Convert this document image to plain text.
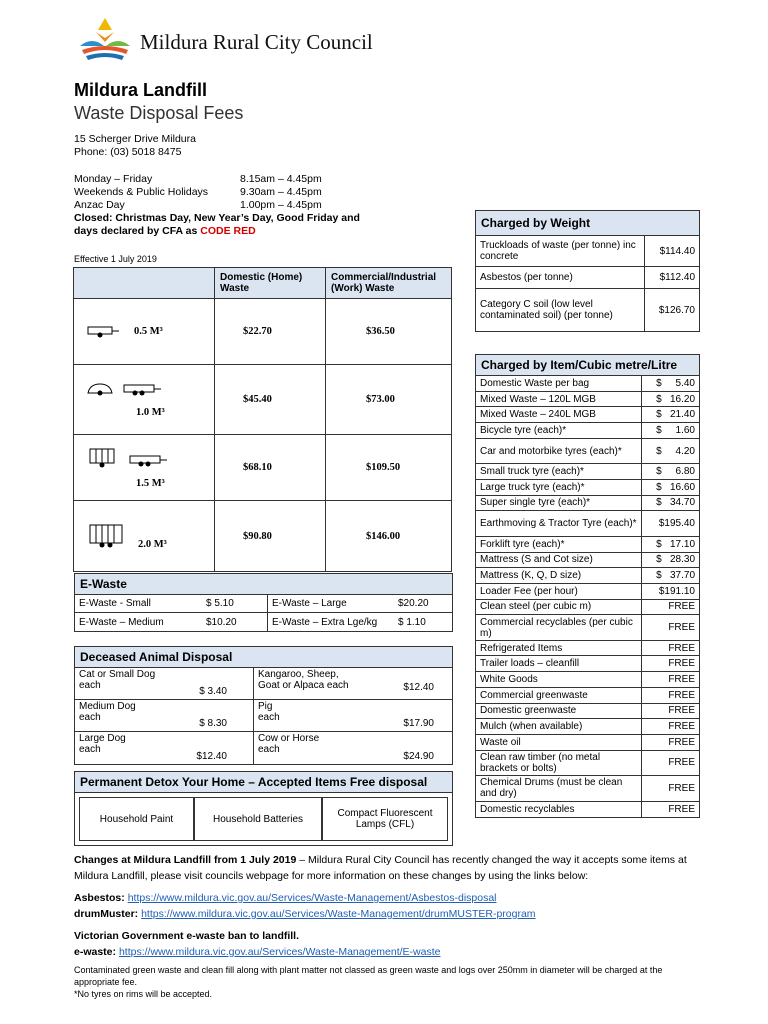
Mildura Rural City Council
Mildura Landfill
Waste Disposal Fees
15 Scherger Drive Mildura
Phone: (03) 5018 8475
Monday – Friday	8.15am – 4.45pm
Weekends & Public Holidays	9.30am – 4.45pm
Anzac Day	1.00pm – 4.45pm
Closed: Christmas Day, New Year’s Day, Good Friday and
days declared by CFA as CODE RED
Effective 1 July 2019
	Domestic (Home) Waste	Commercial/Industrial (Work) Waste

0.5 M³	$22.70	$36.50

1.0 M³	$45.40	$73.00

1.5 M³	$68.10	$109.50

2.0 M³	$90.80	$146.00
E-Waste
E-Waste - Small	$ 5.10	E-Waste – Large	$20.20
E-Waste – Medium	$10.20	E-Waste – Extra Lge/kg	$ 1.10
Deceased Animal Disposal
Cat or Small Dog
each
$ 3.40
Kangaroo, Sheep,
Goat or Alpaca each	$12.40
Medium Dog
each
$ 8.30
Pig
each
$17.90
Large Dog
each
$12.40
Cow or Horse
each
$24.90
Permanent Detox Your Home – Accepted Items Free disposal
Household Paint	Household Batteries	Compact Fluorescent Lamps (CFL)
Charged by Weight
Truckloads of waste (per tonne) inc concrete	$114.40
Asbestos (per tonne)	$112.40
Category C soil (low level contaminated soil) (per tonne)	$126.70
Charged by Item/Cubic metre/Litre
Domestic Waste per bag	$     5.40
Mixed Waste – 120L MGB	$   16.20
Mixed Waste – 240L MGB	$   21.40
Bicycle tyre (each)*	$     1.60
Car and motorbike tyres (each)*	$     4.20
Small truck tyre (each)*	$     6.80
Large truck tyre (each)*	$   16.60
Super single tyre (each)*	$   34.70
Earthmoving & Tractor Tyre (each)*	$195.40
Forklift tyre (each)*	$   17.10
Mattress (S and Cot size)	$   28.30
Mattress (K, Q, D size)	$   37.70
Loader Fee (per hour)	$191.10
Clean steel (per cubic m)	FREE
Commercial recyclables (per cubic m)	FREE
Refrigerated Items	FREE
Trailer loads – cleanfill	FREE
White Goods	FREE
Commercial greenwaste	FREE
Domestic greenwaste	FREE
Mulch (when available)	FREE
Waste oil	FREE
Clean raw timber (no metal brackets or bolts)	FREE
Chemical Drums (must be clean and dry)	FREE
Domestic recyclables	FREE
Changes at Mildura Landfill from 1 July 2019 – Mildura Rural City Council has recently changed the way it accepts some items at Mildura Landfill, please visit councils webpage for more information on these changes by using the links below:
Asbestos: https://www.mildura.vic.gov.au/Services/Waste-Management/Asbestos-disposal
drumMuster: https://www.mildura.vic.gov.au/Services/Waste-Management/drumMUSTER-program
Victorian Government e-waste ban to landfill.
e-waste: https://www.mildura.vic.gov.au/Services/Waste-Management/E-waste
Contaminated green waste and clean fill along with plant matter not classed as green waste and logs over 250mm in diameter will be charged at the appropriate fee.
*No tyres on rims will be accepted.
